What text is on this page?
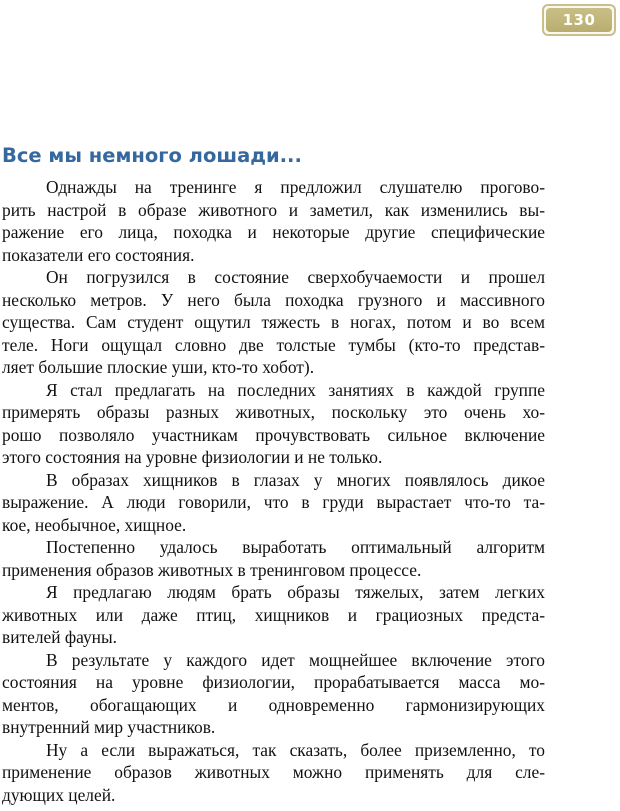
130
Все мы немного лошади...
Однажды на тренинге я предложил слушателю прогово-
рить настрой в образе животного и заметил, как изменились вы-
ражение его лица, походка и некоторые другие специфические
показатели его состояния.
Он погрузился в состояние сверхобучаемости и прошел
несколько метров. У него была походка грузного и массивного
существа. Сам студент ощутил тяжесть в ногах, потом и во всем
теле. Ноги ощущал словно две толстые тумбы (кто-то представ-
ляет большие плоские уши, кто-то хобот).
Я стал предлагать на последних занятиях в каждой группе
примерять образы разных животных, поскольку это очень хо-
рошо позволяло участникам прочувствовать сильное включение
этого состояния на уровне физиологии и не только.
В образах хищников в глазах у многих появлялось дикое
выражение. А люди говорили, что в груди вырастает что-то та-
кое, необычное, хищное.
Постепенно удалось выработать оптимальный алгоритм
применения образов животных в тренинговом процессе.
Я предлагаю людям брать образы тяжелых, затем легких
животных или даже птиц, хищников и грациозных предста-
вителей фауны.
В результате у каждого идет мощнейшее включение этого
состояния на уровне физиологии, прорабатывается масса мо-
ментов, обогащающих и одновременно гармонизирующих
внутренний мир участников.
Ну а если выражаться, так сказать, более приземленно, то
применение образов животных можно применять для сле-
дующих целей.
